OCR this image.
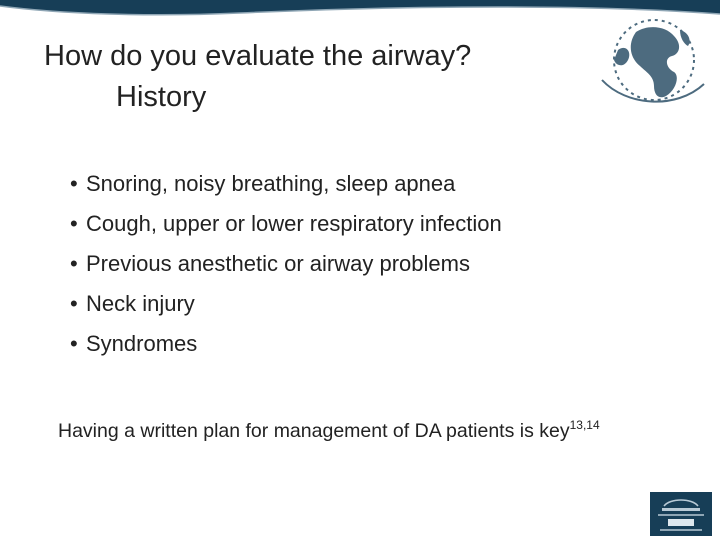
How do you evaluate the airway?
History
• Snoring, noisy breathing, sleep apnea
• Cough, upper or lower respiratory infection
• Previous anesthetic or airway problems
• Neck injury
• Syndromes
Having a written plan for management of DA patients is key$^{13,14}$
